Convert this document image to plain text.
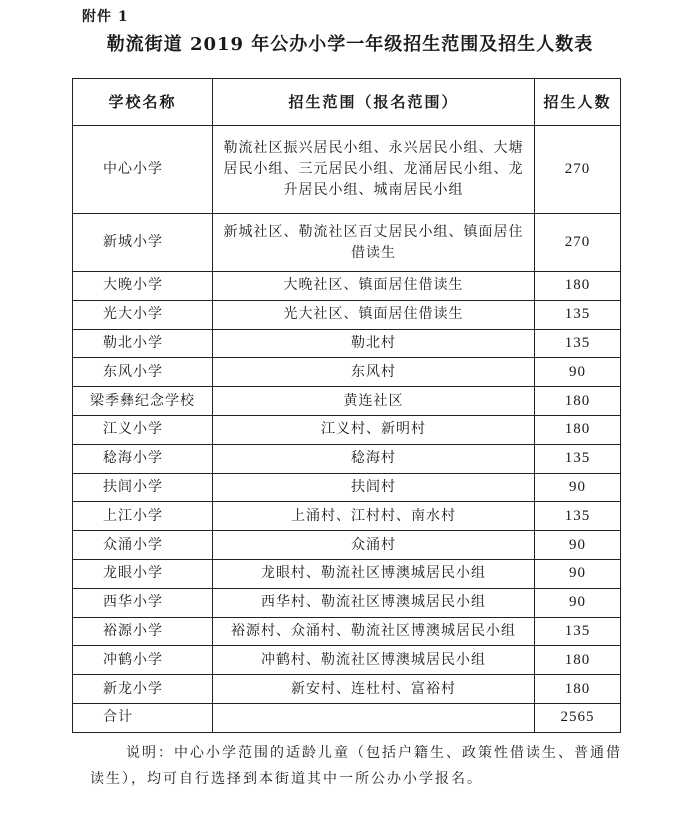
附件 1
勒流街道 2019 年公办小学一年级招生范围及招生人数表
学校名称	招生范围（报名范围）	招生人数
中心小学	勒流社区振兴居民小组、永兴居民小组、大塘居民小组、三元居民小组、龙涌居民小组、龙升居民小组、城南居民小组	270
新城小学	新城社区、勒流社区百丈居民小组、镇面居住借读生	270
大晚小学	大晚社区、镇面居住借读生	180
光大小学	光大社区、镇面居住借读生	135
勒北小学	勒北村	135
东风小学	东风村	90
梁季彝纪念学校	黄连社区	180
江义小学	江义村、新明村	180
稔海小学	稔海村	135
扶闾小学	扶闾村	90
上江小学	上涌村、江村村、南水村	135
众涌小学	众涌村	90
龙眼小学	龙眼村、勒流社区博澳城居民小组	90
西华小学	西华村、勒流社区博澳城居民小组	90
裕源小学	裕源村、众涌村、勒流社区博澳城居民小组	135
冲鹤小学	冲鹤村、勒流社区博澳城居民小组	180
新龙小学	新安村、连杜村、富裕村	180
合计		2565
说明：中心小学范围的适龄儿童（包括户籍生、政策性借读生、普通借读生），均可自行选择到本街道其中一所公办小学报名。
